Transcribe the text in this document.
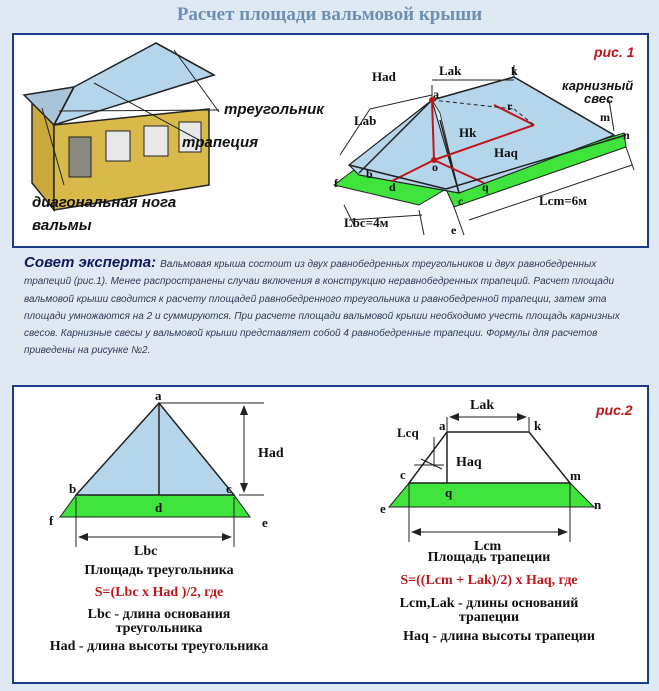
Расчет площади вальмовой крыши
треугольник
трапеция
диагональная нога
вальмы
рис. 1
Had	Lak
Lab
Hk
Haq
карнизный
свес
Lbc=4м
Lcm=6м
a
k
r
m
n
b
d
o
q
c
f
e
Совет эксперта: Вальмовая крыша состоит из двух равнобедренных треугольников и двух равнобедренных трапеций (рис.1). Менее распространены случаи включения в конструкцию неравнобедренных трапеций. Расчет площади вальмовой крыши сводится к расчету площадей равнобедренного треугольника и равнобедренной трапеции, затем эта площади умножаются на 2 и суммируются. При расчете площади вальмовой крыши необходимо учесть площадь карнизных свесов. Карнизные свесы у вальмовой крыши представляет собой 4 равнобедренные трапеции. Формулы для расчетов приведены на рисунке №2.
рис.2
a
b	c
d
f	e
Had
Lbc
a	k
c
q
m
e	n
Lak
Lcq
Haq
Lcm
Площадь треугольника
S=(Lbc x Had )/2, где
Lbc - длина основания треугольника
Had - длина высоты треугольника
Площадь трапеции
S=((Lcm + Lak)/2) x Haq, где
Lcm,Lak - длины оснований трапеции
Haq - длина высоты трапеции
